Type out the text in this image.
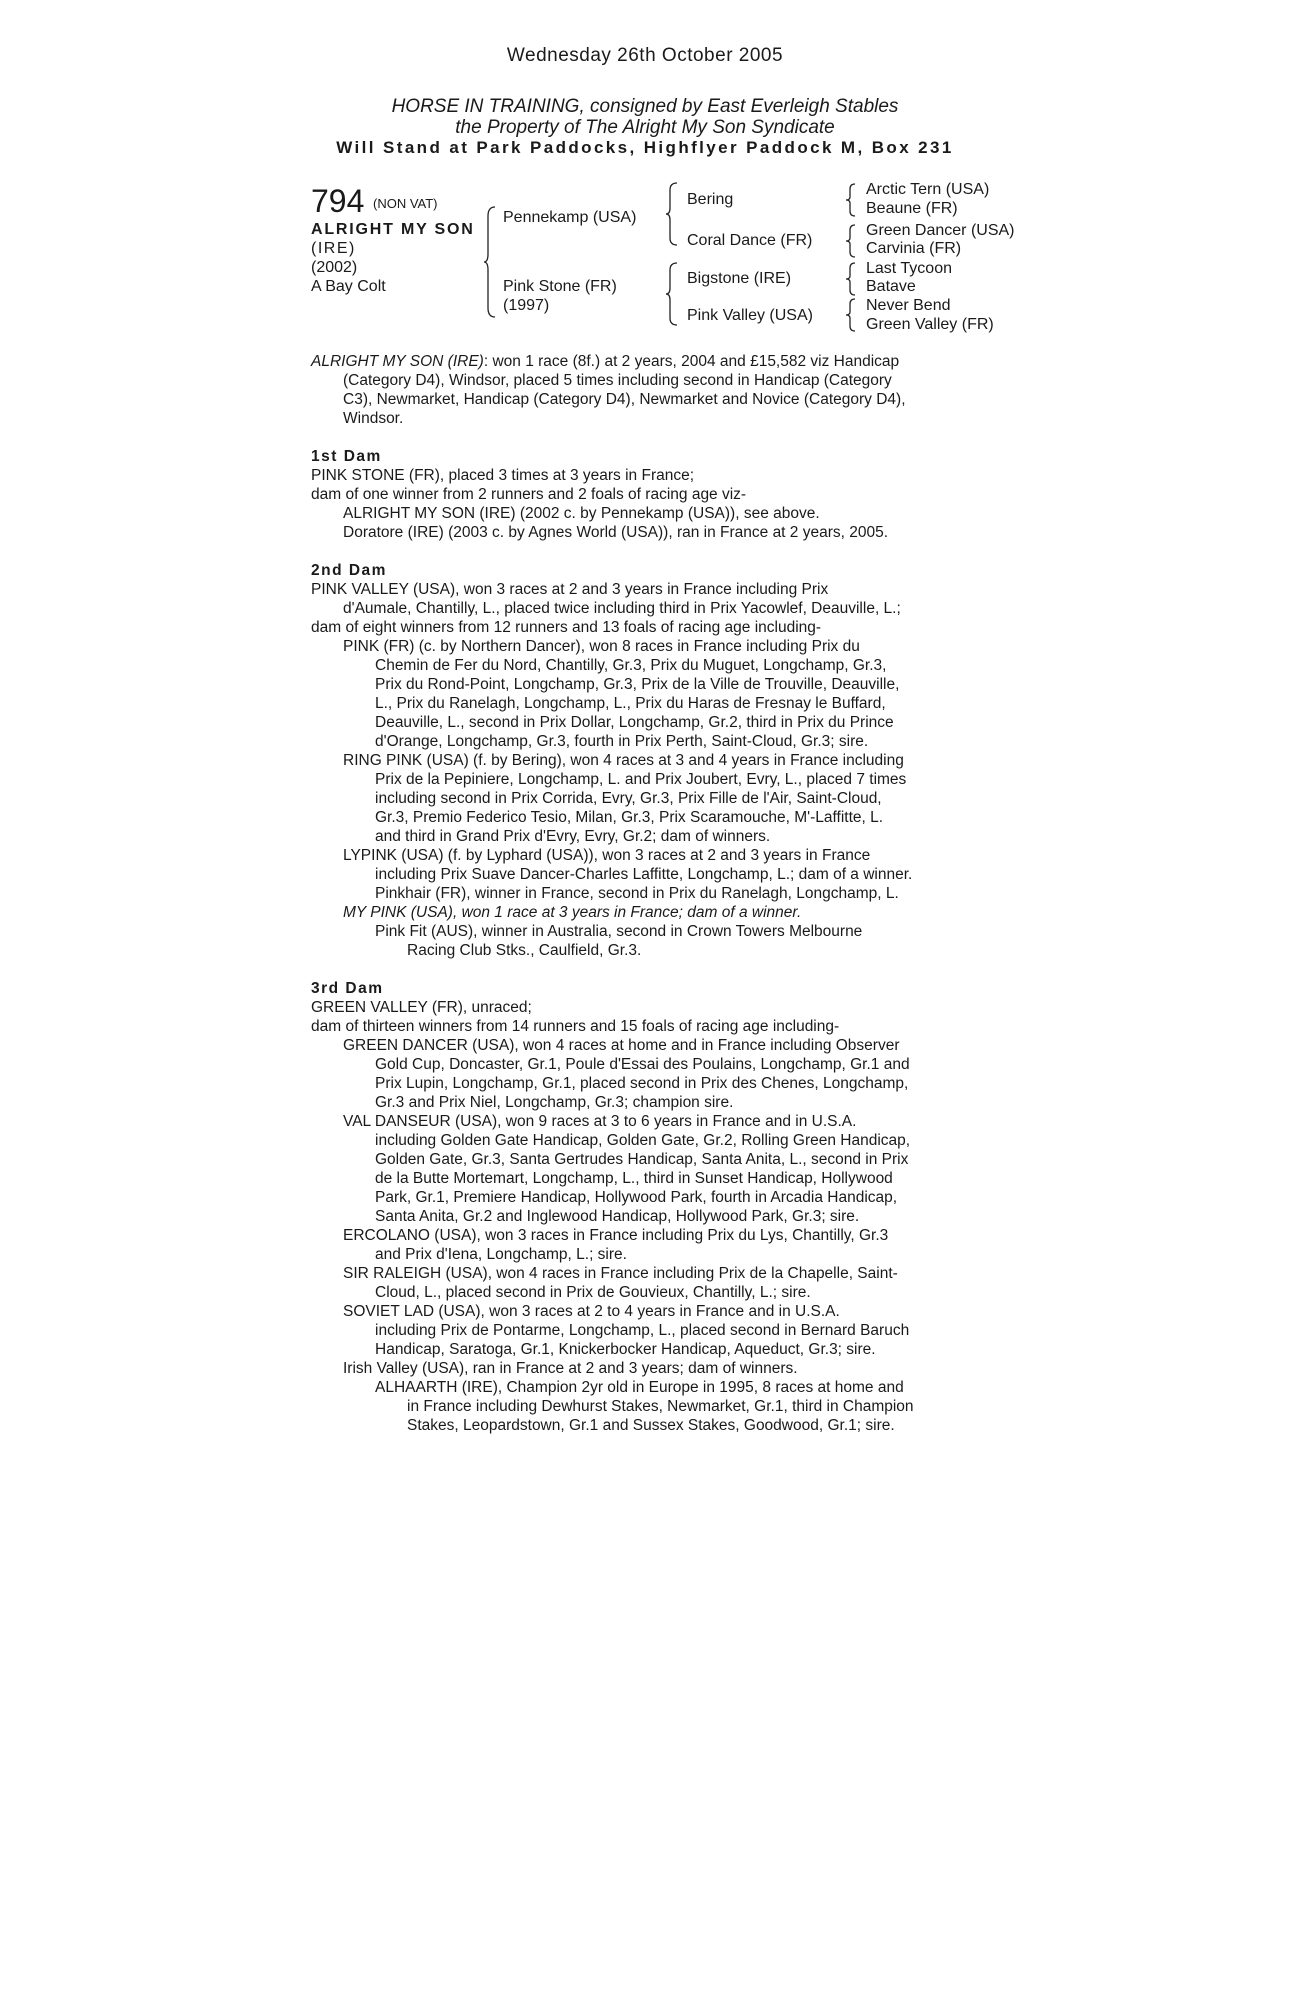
Wednesday 26th October 2005
HORSE IN TRAINING, consigned by East Everleigh Stables
the Property of The Alright My Son Syndicate
Will Stand at Park Paddocks, Highflyer Paddock M, Box 231
794 (NON VAT)
ALRIGHT MY SON
(IRE)
(2002)
A Bay Colt
Pennekamp (USA)
Pink Stone (FR)
(1997)
Bering
Coral Dance (FR)
Bigstone (IRE)
Pink Valley (USA)
Arctic Tern (USA)
Beaune (FR)
Green Dancer (USA)
Carvinia (FR)
Last Tycoon
Batave
Never Bend
Green Valley (FR)
ALRIGHT MY SON (IRE): won 1 race (8f.) at 2 years, 2004 and £15,582 viz Handicap
(Category D4), Windsor, placed 5 times including second in Handicap (Category
C3), Newmarket, Handicap (Category D4), Newmarket and Novice (Category D4),
Windsor.
1st Dam
PINK STONE (FR), placed 3 times at 3 years in France;
dam of one winner from 2 runners and 2 foals of racing age viz-
ALRIGHT MY SON (IRE) (2002 c. by Pennekamp (USA)), see above.
Doratore (IRE) (2003 c. by Agnes World (USA)), ran in France at 2 years, 2005.
2nd Dam
PINK VALLEY (USA), won 3 races at 2 and 3 years in France including Prix
d'Aumale, Chantilly, L., placed twice including third in Prix Yacowlef, Deauville, L.;
dam of eight winners from 12 runners and 13 foals of racing age including-
PINK (FR) (c. by Northern Dancer), won 8 races in France including Prix du
Chemin de Fer du Nord, Chantilly, Gr.3, Prix du Muguet, Longchamp, Gr.3,
Prix du Rond-Point, Longchamp, Gr.3, Prix de la Ville de Trouville, Deauville,
L., Prix du Ranelagh, Longchamp, L., Prix du Haras de Fresnay le Buffard,
Deauville, L., second in Prix Dollar, Longchamp, Gr.2, third in Prix du Prince
d'Orange, Longchamp, Gr.3, fourth in Prix Perth, Saint-Cloud, Gr.3; sire.
RING PINK (USA) (f. by Bering), won 4 races at 3 and 4 years in France including
Prix de la Pepiniere, Longchamp, L. and Prix Joubert, Evry, L., placed 7 times
including second in Prix Corrida, Evry, Gr.3, Prix Fille de l'Air, Saint-Cloud,
Gr.3, Premio Federico Tesio, Milan, Gr.3, Prix Scaramouche, M'-Laffitte, L.
and third in Grand Prix d'Evry, Evry, Gr.2; dam of winners.
LYPINK (USA) (f. by Lyphard (USA)), won 3 races at 2 and 3 years in France
including Prix Suave Dancer-Charles Laffitte, Longchamp, L.; dam of a winner.
Pinkhair (FR), winner in France, second in Prix du Ranelagh, Longchamp, L.
MY PINK (USA), won 1 race at 3 years in France; dam of a winner.
Pink Fit (AUS), winner in Australia, second in Crown Towers Melbourne
Racing Club Stks., Caulfield, Gr.3.
3rd Dam
GREEN VALLEY (FR), unraced;
dam of thirteen winners from 14 runners and 15 foals of racing age including-
GREEN DANCER (USA), won 4 races at home and in France including Observer
Gold Cup, Doncaster, Gr.1, Poule d'Essai des Poulains, Longchamp, Gr.1 and
Prix Lupin, Longchamp, Gr.1, placed second in Prix des Chenes, Longchamp,
Gr.3 and Prix Niel, Longchamp, Gr.3; champion sire.
VAL DANSEUR (USA), won 9 races at 3 to 6 years in France and in U.S.A.
including Golden Gate Handicap, Golden Gate, Gr.2, Rolling Green Handicap,
Golden Gate, Gr.3, Santa Gertrudes Handicap, Santa Anita, L., second in Prix
de la Butte Mortemart, Longchamp, L., third in Sunset Handicap, Hollywood
Park, Gr.1, Premiere Handicap, Hollywood Park, fourth in Arcadia Handicap,
Santa Anita, Gr.2 and Inglewood Handicap, Hollywood Park, Gr.3; sire.
ERCOLANO (USA), won 3 races in France including Prix du Lys, Chantilly, Gr.3
and Prix d'Iena, Longchamp, L.; sire.
SIR RALEIGH (USA), won 4 races in France including Prix de la Chapelle, Saint-
Cloud, L., placed second in Prix de Gouvieux, Chantilly, L.; sire.
SOVIET LAD (USA), won 3 races at 2 to 4 years in France and in U.S.A.
including Prix de Pontarme, Longchamp, L., placed second in Bernard Baruch
Handicap, Saratoga, Gr.1, Knickerbocker Handicap, Aqueduct, Gr.3; sire.
Irish Valley (USA), ran in France at 2 and 3 years; dam of winners.
ALHAARTH (IRE), Champion 2yr old in Europe in 1995, 8 races at home and
in France including Dewhurst Stakes, Newmarket, Gr.1, third in Champion
Stakes, Leopardstown, Gr.1 and Sussex Stakes, Goodwood, Gr.1; sire.
